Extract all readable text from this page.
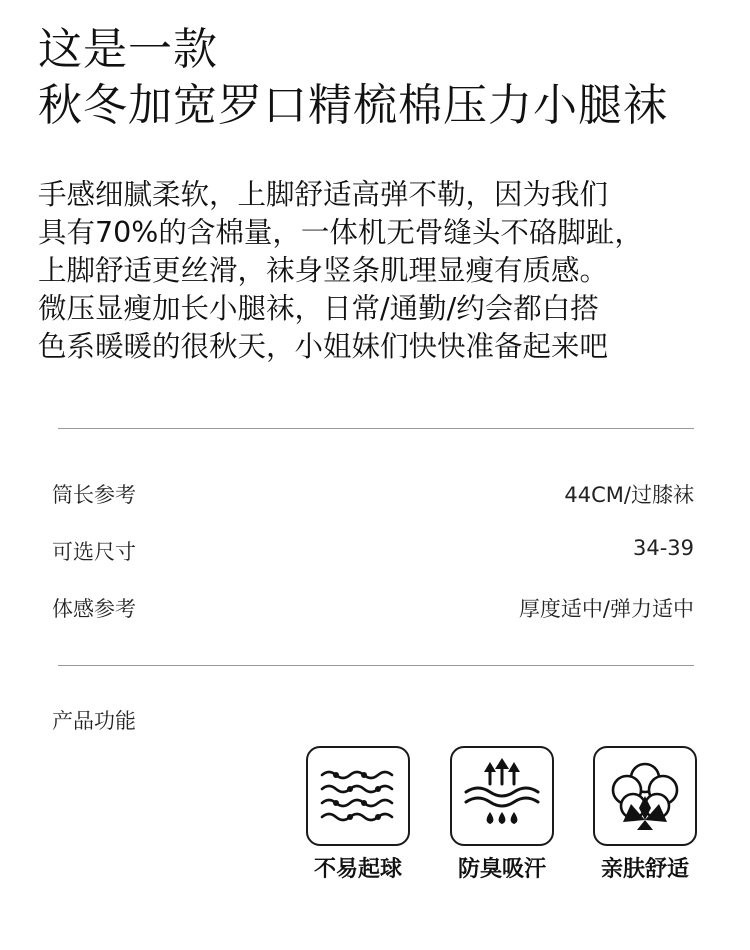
这是一款
秋冬加宽罗口精梳棉压力小腿袜
手感细腻柔软，上脚舒适高弹不勒，因为我们
具有70%的含棉量，一体机无骨缝头不硌脚趾，
上脚舒适更丝滑，袜身竖条肌理显瘦有质感。
微压显瘦加长小腿袜，日常/通勤/约会都白搭
色系暖暖的很秋天，小姐妹们快快准备起来吧
筒长参考	44CM/过膝袜
可选尺寸	34-39
体感参考	厚度适中/弹力适中
产品功能
不易起球	防臭吸汗	亲肤舒适
